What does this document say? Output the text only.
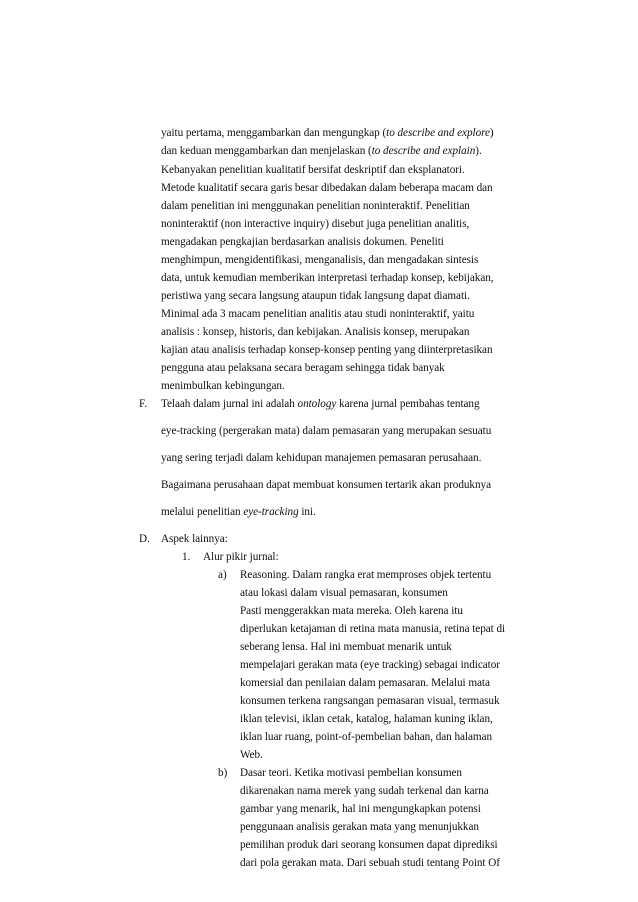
yaitu pertama, menggambarkan dan mengungkap (to describe and explore)

dan keduan menggambarkan dan menjelaskan (to describe and explain).

Kebanyakan penelitian kualitatif bersifat deskriptif dan eksplanatori.

Metode kualitatif secara garis besar dibedakan dalam beberapa macam dan

dalam penelitian ini menggunakan penelitian noninteraktif. Penelitian

noninteraktif (non interactive inquiry) disebut juga penelitian analitis,

mengadakan pengkajian berdasarkan analisis dokumen. Peneliti

menghimpun, mengidentifikasi, menganalisis, dan mengadakan sintesis

data, untuk kemudian memberikan interpretasi terhadap konsep, kebijakan,

peristiwa yang secara langsung ataupun tidak langsung dapat diamati.

Minimal ada 3 macam penelitian analitis atau studi noninteraktif, yaitu

analisis : konsep, historis, dan kebijakan. Analisis konsep, merupakan

kajian atau analisis terhadap konsep-konsep penting yang diinterpretasikan

pengguna atau pelaksana secara beragam sehingga tidak banyak

menimbulkan kebingungan.

F. Telaah dalam jurnal ini adalah ontology karena jurnal pembahas tentang

eye-tracking (pergerakan mata) dalam pemasaran yang merupakan sesuatu

yang sering terjadi dalam kehidupan manajemen pemasaran perusahaan.

Bagaimana perusahaan dapat membuat konsumen tertarik akan produknya

melalui penelitian eye-tracking ini.

D. Aspek lainnya:
1. Alur pikir jurnal:
a) Reasoning. Dalam rangka erat memproses objek tertentu

atau lokasi dalam visual pemasaran, konsumen

Pasti menggerakkan mata mereka. Oleh karena itu

diperlukan ketajaman di retina mata manusia, retina tepat di

seberang lensa. Hal ini membuat menarik untuk

mempelajari gerakan mata (eye tracking) sebagai indicator

komersial dan penilaian dalam pemasaran. Melalui mata

konsumen terkena rangsangan pemasaran visual, termasuk

iklan televisi, iklan cetak, katalog, halaman kuning iklan,

iklan luar ruang, point-of-pembelian bahan, dan halaman

Web.

b) Dasar teori. Ketika motivasi pembelian konsumen

dikarenakan nama merek yang sudah terkenal dan karna

gambar yang menarik, hal ini mengungkapkan potensi

penggunaan analisis gerakan mata yang menunjukkan

pemilihan produk dari seorang konsumen dapat diprediksi

dari pola gerakan mata. Dari sebuah studi tentang Point Of
